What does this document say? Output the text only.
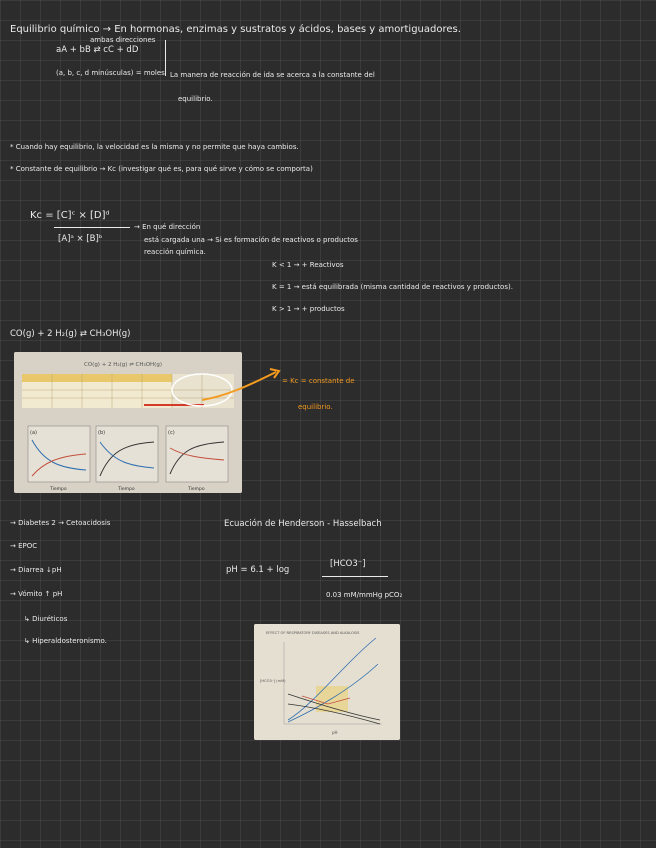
Equilibrio químico → En hormonas, enzimas y sustratos y ácidos, bases y amortiguadores.
ambas direcciones
aA + bB ⇄ cC + dD
(a, b, c, d minúsculas) = moles La manera de reacción de ida se acerca a la constante del
equilibrio.
* Cuando hay equilibrio, la velocidad es la misma y no permite que haya cambios.
* Constante de equilibrio → Kc (investigar qué es, para qué sirve y cómo se comporta)
Kc = [C]ᶜ × [D]ᵈ
[A]ᵃ × [B]ᵇ
→ En qué dirección
está cargada una → Si es formación de reactivos o productos
reacción química.
K < 1 → + Reactivos
K = 1 → está equilibrada (misma cantidad de reactivos y productos).
K > 1 → + productos
CO(g) + 2 H₂(g) ⇄ CH₃OH(g)
CO(g) + 2 H₂(g) ⇌ CH₃OH(g)
(a)	(b)	(c)
Tiempo	Tiempo	Tiempo
= Kc = constante de
equilibrio.
→ Diabetes 2 → Cetoacidosis
→ EPOC
→ Diarrea ↓pH
→ Vómito ↑ pH
↳ Diuréticos
↳ Hiperaldosteronismo.
Ecuación de Henderson - Hasselbach
pH = 6.1 + log
[HCO3⁻]
0.03 mM/mmHg pCO₂
EFFECT OF RESPIRATORY DISEASES AND ALKALOSIS
pH
[HCO3⁻] (mM)
